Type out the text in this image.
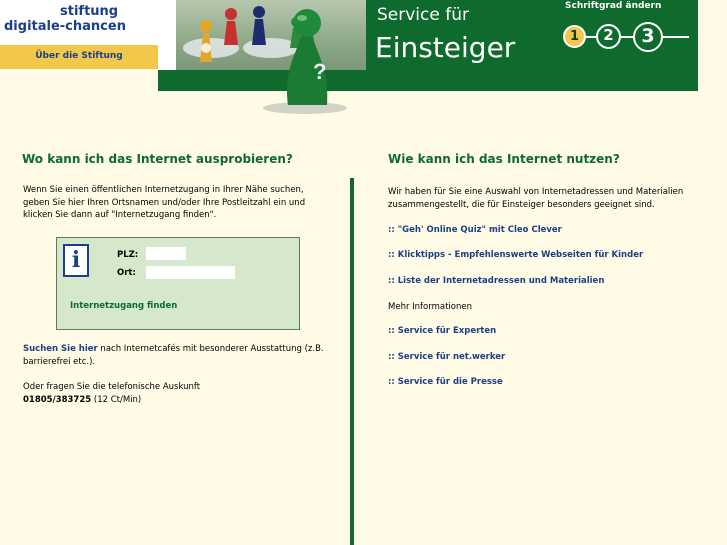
stiftung
digitale-chancen
Über die Stiftung
?
Service für
Einsteiger
Schriftgrad ändern
1	2	3
Wo kann ich das Internet ausprobieren?
Wenn Sie einen öffentlichen Internetzugang in Ihrer Nähe suchen, geben Sie hier Ihren Ortsnamen und/oder Ihre Postleitzahl ein und klicken Sie dann auf "Internetzugang finden".
i	PLZ:
Ort:
Internetzugang finden
Suchen Sie hier nach Internetcafés mit besonderer Ausstattung (z.B. barrierefrei etc.).
Oder fragen Sie die telefonische Auskunft
01805/383725 (12 Ct/Min)
Wie kann ich das Internet nutzen?
Wir haben für Sie eine Auswahl von Internetadressen und Materialien zusammengestellt, die für Einsteiger besonders geeignet sind.
:: "Geh' Online Quiz" mit Cleo Clever
:: Klicktipps - Empfehlenswerte Webseiten für Kinder
:: Liste der Internetadressen und Materialien
Mehr Informationen
:: Service für Experten
:: Service für net.werker
:: Service für die Presse
